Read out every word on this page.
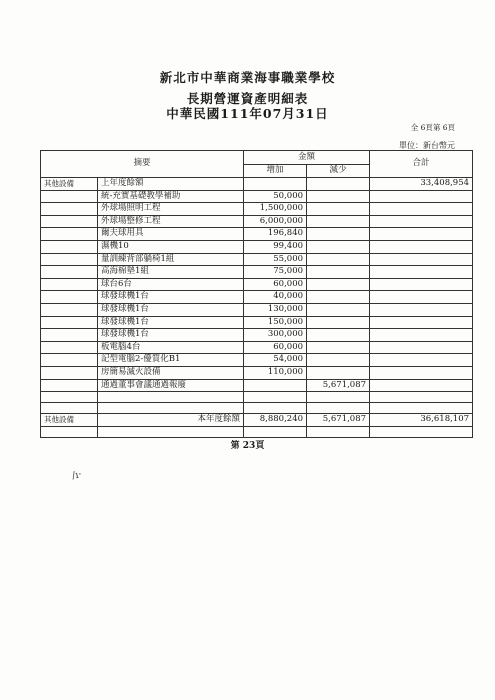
新北市中華商業海事職業學校
長期營運資產明細表
中華民國111年07月31日
全 6頁第 6頁
單位：新台幣元
摘要		金額		合計
		增加	減少	
其他設備	上年度餘額			33,408,954
	統-充實基礎教學補助	50,000		
	外球場照明工程	1,500,000		
	外球場整修工程	6,000,000		
	爾夫球用具	196,840		
	濕機10	99,400		
	量訓練背部躺椅1組	55,000		
	高海棉墊1組	75,000		
	球台6台	60,000		
	球發球機1台	40,000		
	球發球機1台	130,000		
	球發球機1台	150,000		
	球發球機1台	300,000		
	板電腦4台	60,000		
	記型電腦2-優質化B1	54,000		
	房簡易滅火設備	110,000		
	通過董事會議通過報廢		5,671,087	

其他設備	本年度餘額	8,880,240	5,671,087	36,618,107

第 23頁
/ı·
